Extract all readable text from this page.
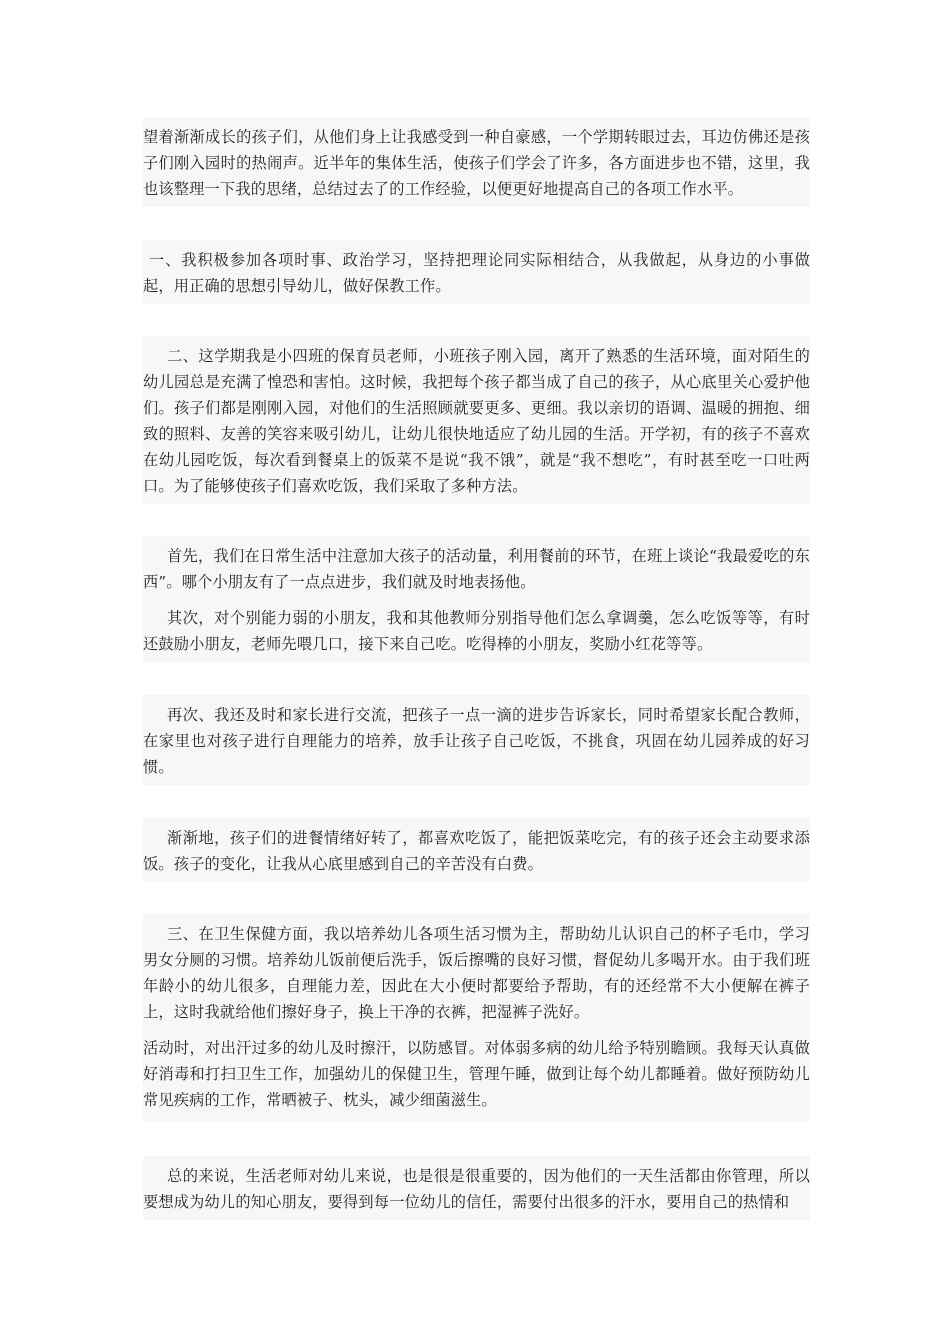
望着渐渐成长的孩子们，从他们身上让我感受到一种自豪感，一个学期转眼过去，耳边仿佛还是孩子们刚入园时的热闹声。近半年的集体生活，使孩子们学会了许多，各方面进步也不错，这里，我也该整理一下我的思绪，总结过去了的工作经验，以便更好地提高自己的各项工作水平。

一、我积极参加各项时事、政治学习，坚持把理论同实际相结合，从我做起，从身边的小事做起，用正确的思想引导幼儿，做好保教工作。

二、这学期我是小四班的保育员老师，小班孩子刚入园，离开了熟悉的生活环境，面对陌生的幼儿园总是充满了惶恐和害怕。这时候，我把每个孩子都当成了自己的孩子，从心底里关心爱护他们。孩子们都是刚刚入园，对他们的生活照顾就要更多、更细。我以亲切的语调、温暖的拥抱、细致的照料、友善的笑容来吸引幼儿，让幼儿很快地适应了幼儿园的生活。开学初，有的孩子不喜欢在幼儿园吃饭，每次看到餐桌上的饭菜不是说“我不饿”，就是“我不想吃”，有时甚至吃一口吐两口。为了能够使孩子们喜欢吃饭，我们采取了多种方法。

首先，我们在日常生活中注意加大孩子的活动量，利用餐前的环节，在班上谈论“我最爱吃的东西”。哪个小朋友有了一点点进步，我们就及时地表扬他。

其次，对个别能力弱的小朋友，我和其他教师分别指导他们怎么拿调羹，怎么吃饭等等，有时还鼓励小朋友，老师先喂几口，接下来自己吃。吃得棒的小朋友，奖励小红花等等。

再次、我还及时和家长进行交流，把孩子一点一滴的进步告诉家长，同时希望家长配合教师，在家里也对孩子进行自理能力的培养，放手让孩子自己吃饭，不挑食，巩固在幼儿园养成的好习惯。

渐渐地，孩子们的进餐情绪好转了，都喜欢吃饭了，能把饭菜吃完，有的孩子还会主动要求添饭。孩子的变化，让我从心底里感到自己的辛苦没有白费。

三、在卫生保健方面，我以培养幼儿各项生活习惯为主，帮助幼儿认识自己的杯子毛巾，学习男女分厕的习惯。培养幼儿饭前便后洗手，饭后擦嘴的良好习惯，督促幼儿多喝开水。由于我们班年龄小的幼儿很多，自理能力差，因此在大小便时都要给予帮助，有的还经常不大小便解在裤子上，这时我就给他们擦好身子，换上干净的衣裤，把湿裤子洗好。

活动时，对出汗过多的幼儿及时擦汗，以防感冒。对体弱多病的幼儿给予特别瞻顾。我每天认真做好消毒和打扫卫生工作，加强幼儿的保健卫生，管理午睡，做到让每个幼儿都睡着。做好预防幼儿常见疾病的工作，常晒被子、枕头，减少细菌滋生。

总的来说，生活老师对幼儿来说，也是很是很重要的，因为他们的一天生活都由你管理，所以要想成为幼儿的知心朋友，要得到每一位幼儿的信任，需要付出很多的汗水，要用自己的热情和
